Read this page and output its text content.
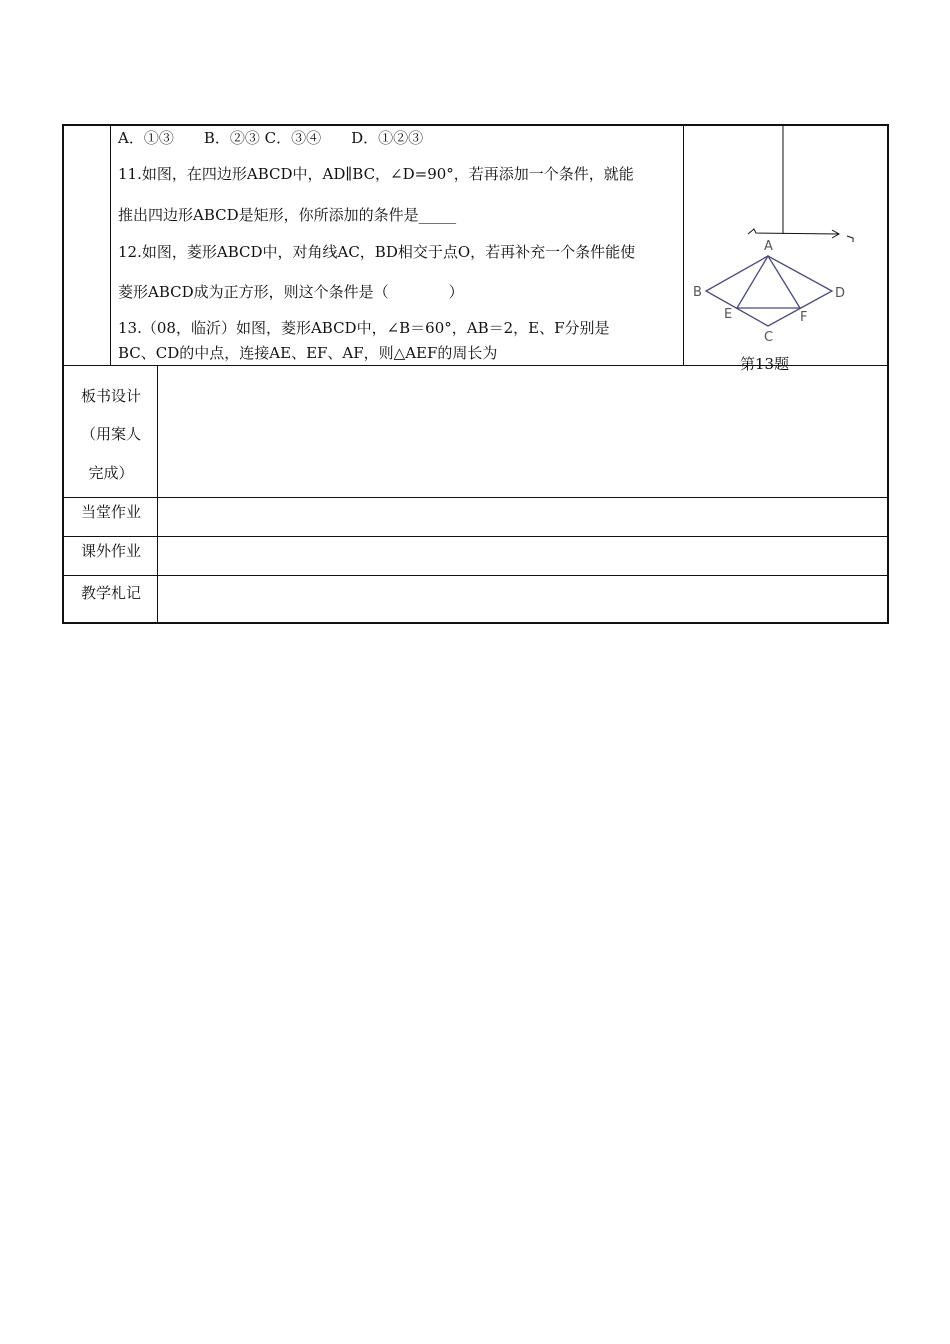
A．①③　　B．②③ C．③④　　D．①②③
11.如图，在四边形ABCD中，AD∥BC，∠D=90°，若再添加一个条件，就能
推出四边形ABCD是矩形，你所添加的条件是_____
12.如图，菱形ABCD中，对角线AC，BD相交于点O，若再补充一个条件能使
菱形ABCD成为正方形，则这个条件是（　　　　）
13.（08，临沂）如图，菱形ABCD中，∠B＝60°，AB＝2，E、F分别是
BC、CD的中点，连接AE、EF、AF，则△AEF的周长为
A
B	D
E	F
C
第13题
板书设计
（用案人
完成）
当堂作业
课外作业
教学札记
